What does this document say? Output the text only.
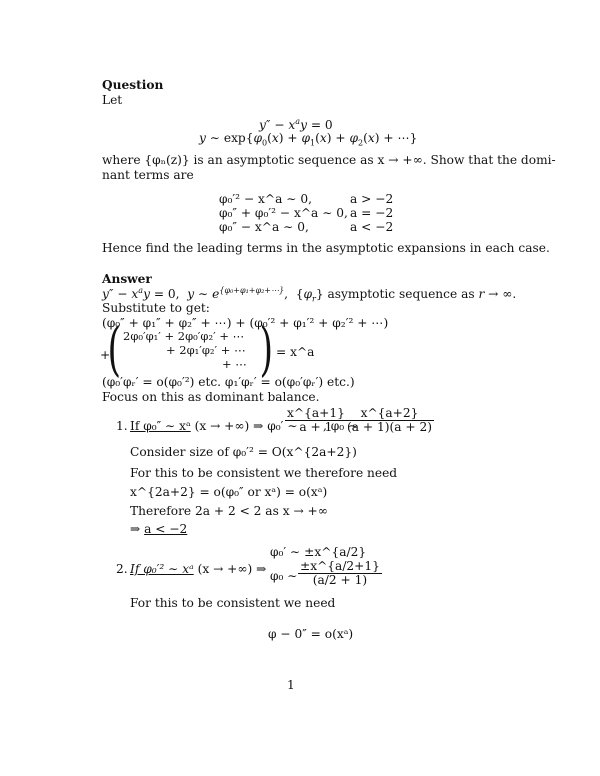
Question
Let
$y'' - x^ay = 0$
y ∼ $\exp\{\varphi_0(x) + \varphi_1(x) + \varphi_2(x)$ + ⋯}
where {φₙ(z)} is an asymptotic sequence as x → +∞. Show that the domi-
nant terms are
φ₀′² − x^a ∼ 0,	a > −2
φ₀″ + φ₀′² − x^a ∼ 0, a = −2
φ₀″ − x^a ∼ 0,	a < −2
Hence find the leading terms in the asymptotic expansions in each case.
Answer
$y'' - x^ay = 0$,  y ∼ $e^{\{\varphi_0+\varphi_1+\varphi_2+\cdots\}}$,  $\{\varphi_r\}$ asymptotic sequence as r → ∞.
Substitute to get:
(φ₀″ + φ₁″ + φ₂″ + ⋯) + (φ₀′² + φ₁′² + φ₂′² + ⋯)
+
( 2φ₀′φ₁′ + 2φ₀′φ₂′ + ⋯
+ 2φ₁′φ₂′ + ⋯
+ ⋯ ) = x^a
(φ₀′φᵣ′ = o(φ₀′²) etc. φ₁′φᵣ′ = o(φ₀′φᵣ′) etc.)
Focus on this as dominant balance.
1. If φ₀″ ∼ xᵃ (x → +∞) ⇒ φ₀′ ∼
$\frac{x\^{}\{a+1\}}{a + 1}$
, φ₀ ∼
$\frac{x\^{}\{a+2\}}{(a + 1)(a + 2)}$
Consider size of φ₀′² = O(x^{2a+2})
For this to be consistent we therefore need
x^{2a+2} = o(φ₀″ or xᵃ) = o(xᵃ)
Therefore 2a + 2 < 2 as x → +∞
⇒ a < −2
φ₀′ ∼ ±x^{a/2}
2. If φ₀′² ∼ xᵃ (x → +∞) ⇒ φ₀ ∼ $\frac{\pm x\^{}\{a/2+1\}}{(a/2 + 1)}$
For this to be consistent we need
φ − 0″ = o(xᵃ)
1
